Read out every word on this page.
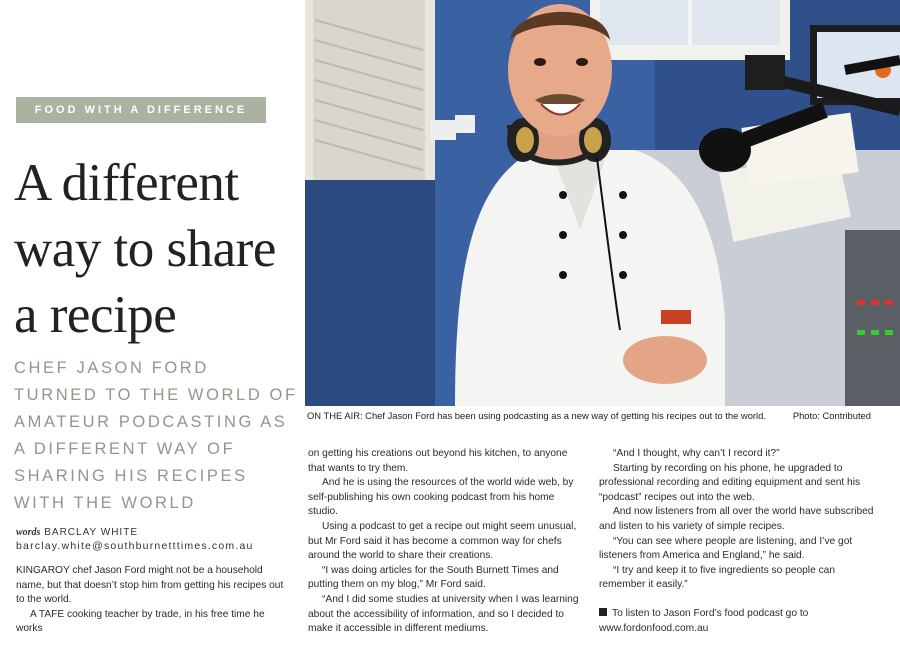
FOOD WITH A DIFFERENCE
A different way to share a recipe

CHEF JASON FORD TURNED TO THE WORLD OF AMATEUR PODCASTING AS A DIFFERENT WAY OF SHARING HIS RECIPES WITH THE WORLD

words BARCLAY WHITE
barclay.white@southburnetttimes.com.au

KINGAROY chef Jason Ford might not be a household name, but that doesn’t stop him from getting his recipes out to the world.

A TAFE cooking teacher by trade, in his free time he works

on getting his creations out beyond his kitchen, to anyone that wants to try them.

And he is using the resources of the world wide web, by self-publishing his own cooking podcast from his home studio.

Using a podcast to get a recipe out might seem unusual, but Mr Ford said it has become a common way for chefs around the world to share their creations.

“I was doing articles for the South Burnett Times and putting them on my blog,” Mr Ford said.

“And I did some studies at university when I was learning about the accessibility of information, and so I decided to make it accessible in different mediums.

“And I thought, why can’t I record it?”

Starting by recording on his phone, he upgraded to professional recording and editing equipment and sent his “podcast” recipes out into the web.

And now listeners from all over the world have subscribed and listen to his variety of simple recipes.

“You can see where people are listening, and I’ve got listeners from America and England,” he said.

“I try and keep it to five ingredients so people can remember it easily.”

To listen to Jason Ford’s food podcast go to www.fordonfood.com.au

ON THE AIR: Chef Jason Ford has been using podcasting as a new way of getting his recipes out to the world.	Photo: Contributed
